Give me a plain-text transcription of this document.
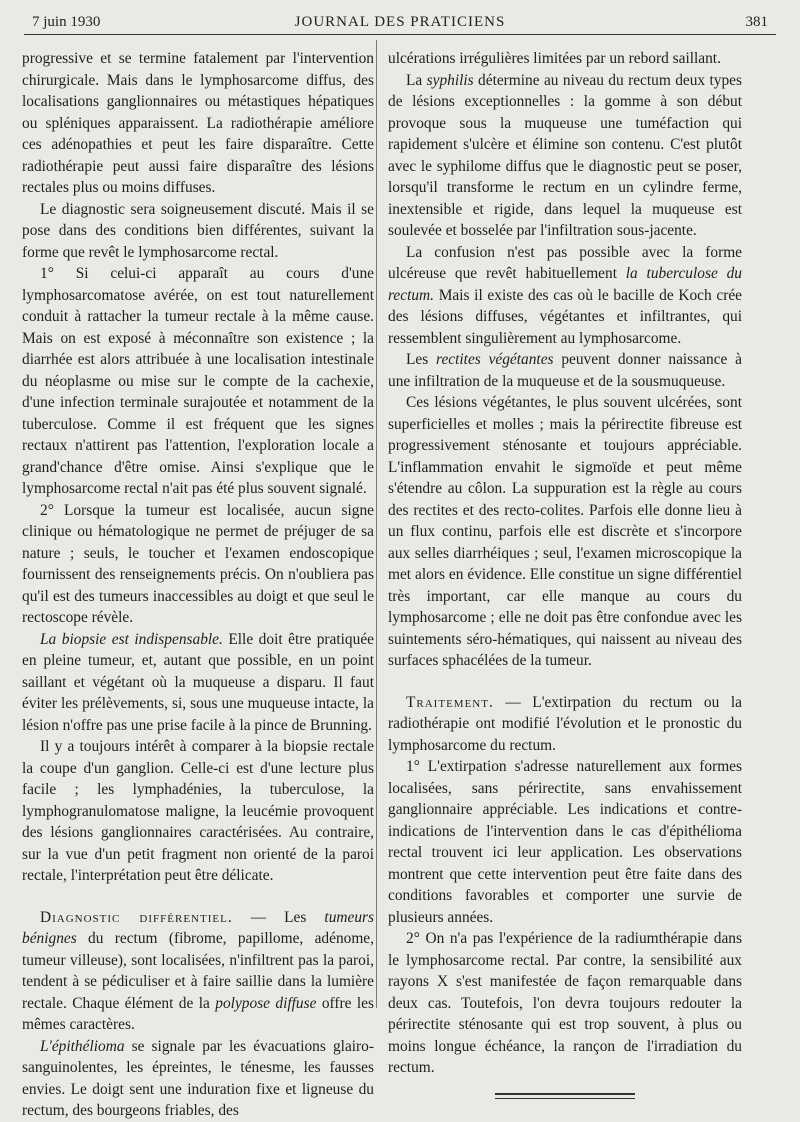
7 juin 1930	JOURNAL DES PRATICIENS	381

progressive et se termine fatalement par l'intervention chirurgicale. Mais dans le lymphosarcome diffus, des localisations ganglionnaires ou métastiques hépatiques ou spléniques apparaissent. La radiothérapie améliore ces adénopathies et peut les faire disparaître. Cette radiothérapie peut aussi faire disparaître des lésions rectales plus ou moins diffuses.

Le diagnostic sera soigneusement discuté. Mais il se pose dans des conditions bien différentes, suivant la forme que revêt le lymphosarcome rectal.

1° Si celui-ci apparaît au cours d'une lymphosarcomatose avérée, on est tout naturellement conduit à rattacher la tumeur rectale à la même cause. Mais on est exposé à méconnaître son existence ; la diarrhée est alors attribuée à une localisation intestinale du néoplasme ou mise sur le compte de la cachexie, d'une infection terminale surajoutée et notamment de la tuberculose. Comme il est fréquent que les signes rectaux n'attirent pas l'attention, l'exploration locale a grand'chance d'être omise. Ainsi s'explique que le lymphosarcome rectal n'ait pas été plus souvent signalé.

2° Lorsque la tumeur est localisée, aucun signe clinique ou hématologique ne permet de préjuger de sa nature ; seuls, le toucher et l'examen endoscopique fournissent des renseignements précis. On n'oubliera pas qu'il est des tumeurs inaccessibles au doigt et que seul le rectoscope révèle.

La biopsie est indispensable. Elle doit être pratiquée en pleine tumeur, et, autant que possible, en un point saillant et végétant où la muqueuse a disparu. Il faut éviter les prélèvements, si, sous une muqueuse intacte, la lésion n'offre pas une prise facile à la pince de Brunning.

Il y a toujours intérêt à comparer à la biopsie rectale la coupe d'un ganglion. Celle-ci est d'une lecture plus facile ; les lymphadénies, la tuberculose, la lymphogranulomatose maligne, la leucémie provoquent des lésions ganglionnaires caractérisées. Au contraire, sur la vue d'un petit fragment non orienté de la paroi rectale, l'interprétation peut être délicate.

Diagnostic différentiel. — Les tumeurs bénignes du rectum (fibrome, papillome, adénome, tumeur villeuse), sont localisées, n'infiltrent pas la paroi, tendent à se pédiculiser et à faire saillie dans la lumière rectale. Chaque élément de la polypose diffuse offre les mêmes caractères.

L'épithélioma se signale par les évacuations glairo-sanguinolentes, les épreintes, le ténesme, les fausses envies. Le doigt sent une induration fixe et ligneuse du rectum, des bourgeons friables, des

ulcérations irrégulières limitées par un rebord saillant.

La syphilis détermine au niveau du rectum deux types de lésions exceptionnelles : la gomme à son début provoque sous la muqueuse une tuméfaction qui rapidement s'ulcère et élimine son contenu. C'est plutôt avec le syphilome diffus que le diagnostic peut se poser, lorsqu'il transforme le rectum en un cylindre ferme, inextensible et rigide, dans lequel la muqueuse est soulevée et bosselée par l'infiltration sous-jacente.

La confusion n'est pas possible avec la forme ulcéreuse que revêt habituellement la tuberculose du rectum. Mais il existe des cas où le bacille de Koch crée des lésions diffuses, végétantes et infiltrantes, qui ressemblent singulièrement au lymphosarcome.

Les rectites végétantes peuvent donner naissance à une infiltration de la muqueuse et de la sousmuqueuse.

Ces lésions végétantes, le plus souvent ulcérées, sont superficielles et molles ; mais la périrectite fibreuse est progressivement sténosante et toujours appréciable. L'inflammation envahit le sigmoïde et peut même s'étendre au côlon. La suppuration est la règle au cours des rectites et des recto-colites. Parfois elle donne lieu à un flux continu, parfois elle est discrète et s'incorpore aux selles diarrhéiques ; seul, l'examen microscopique la met alors en évidence. Elle constitue un signe différentiel très important, car elle manque au cours du lymphosarcome ; elle ne doit pas être confondue avec les suintements séro-hématiques, qui naissent au niveau des surfaces sphacélées de la tumeur.

Traitement. — L'extirpation du rectum ou la radiothérapie ont modifié l'évolution et le pronostic du lymphosarcome du rectum.

1° L'extirpation s'adresse naturellement aux formes localisées, sans périrectite, sans envahissement ganglionnaire appréciable. Les indications et contre-indications de l'intervention dans le cas d'épithélioma rectal trouvent ici leur application. Les observations montrent que cette intervention peut être faite dans des conditions favorables et comporter une survie de plusieurs années.

2° On n'a pas l'expérience de la radiumthérapie dans le lymphosarcome rectal. Par contre, la sensibilité aux rayons X s'est manifestée de façon remarquable dans deux cas. Toutefois, l'on devra toujours redouter la périrectite sténosante qui est trop souvent, à plus ou moins longue échéance, la rançon de l'irradiation du rectum.
